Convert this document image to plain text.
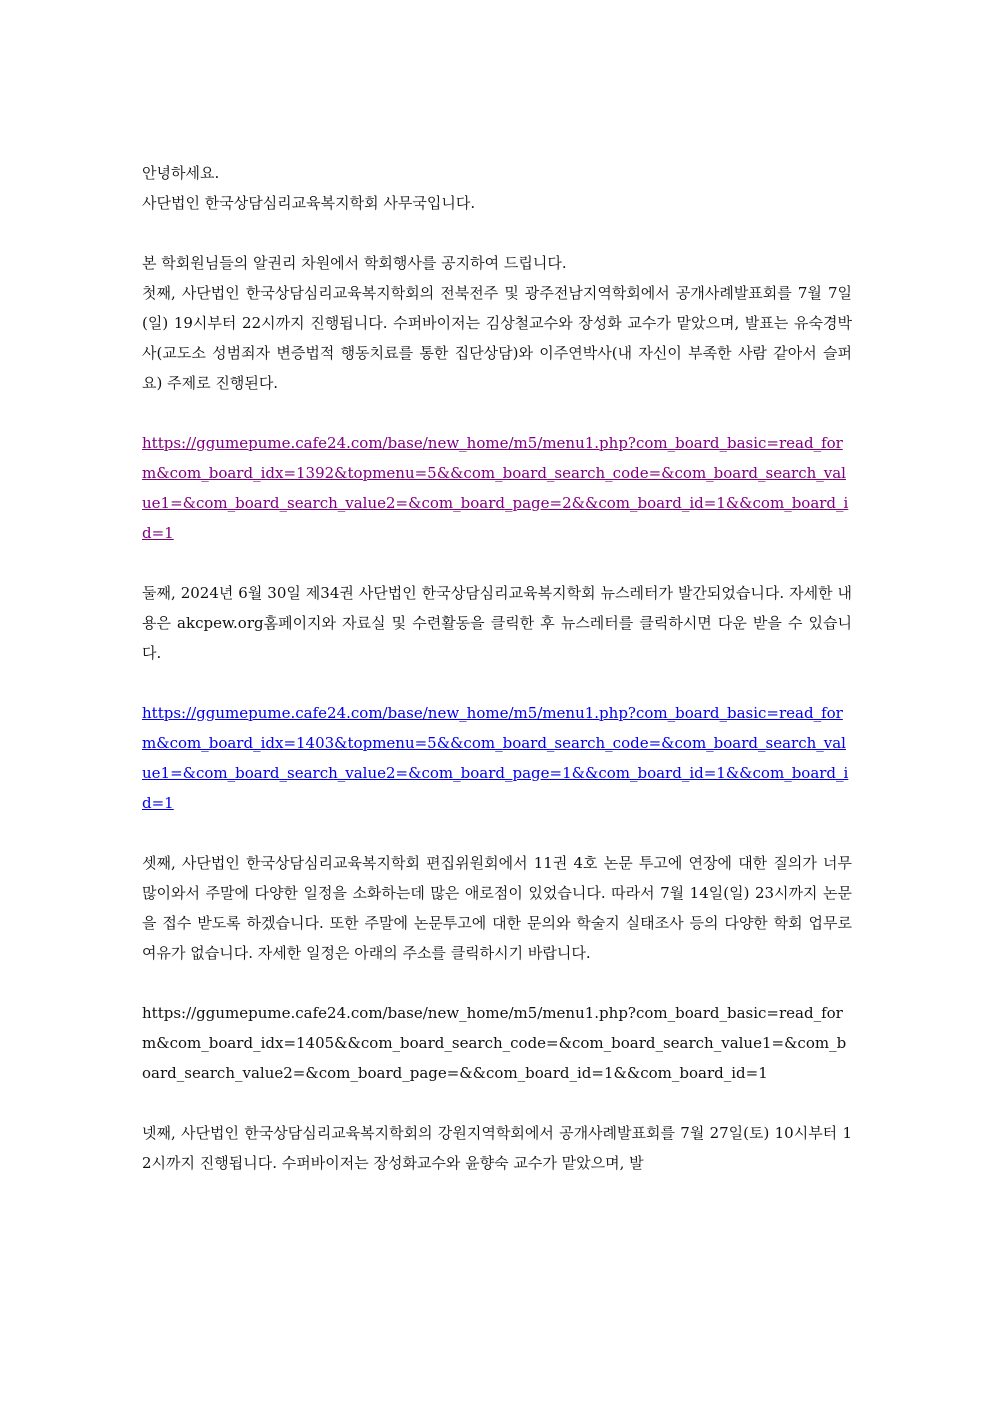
안녕하세요.

사단법인 한국상담심리교육복지학회 사무국입니다.

본 학회원님들의 알권리 차원에서 학회행사를 공지하여 드립니다.

첫째, 사단법인 한국상담심리교육복지학회의 전북전주 및 광주전남지역학회에서 공개사례발표회를 7월 7일(일) 19시부터 22시까지 진행됩니다. 수퍼바이저는 김상철교수와 장성화 교수가 맡았으며, 발표는 유숙경박사(교도소 성범죄자 변증법적 행동치료를 통한 집단상담)와 이주연박사(내 자신이 부족한 사람 같아서 슬퍼요) 주제로 진행된다.

https://ggumepume.cafe24.com/base/new_home/m5/menu1.php?com_board_basic=read_form&com_board_idx=1392&topmenu=5&&com_board_search_code=&com_board_search_value1=&com_board_search_value2=&com_board_page=2&&com_board_id=1&&com_board_id=1

둘째, 2024년 6월 30일 제34권 사단법인 한국상담심리교육복지학회 뉴스레터가 발간되었습니다. 자세한 내용은 akcpew.org홈페이지와 자료실 및 수련활동을 클릭한 후 뉴스레터를 클릭하시면 다운 받을 수 있습니다.

https://ggumepume.cafe24.com/base/new_home/m5/menu1.php?com_board_basic=read_form&com_board_idx=1403&topmenu=5&&com_board_search_code=&com_board_search_value1=&com_board_search_value2=&com_board_page=1&&com_board_id=1&&com_board_id=1

셋째, 사단법인 한국상담심리교육복지학회 편집위원회에서 11권 4호 논문 투고에 연장에 대한 질의가 너무 많이와서 주말에 다양한 일정을 소화하는데 많은 애로점이 있었습니다. 따라서 7월 14일(일) 23시까지 논문을 접수 받도록 하겠습니다. 또한 주말에 논문투고에 대한 문의와 학술지 실태조사 등의 다양한 학회 업무로 여유가 없습니다. 자세한 일정은 아래의 주소를 클릭하시기 바랍니다.

https://ggumepume.cafe24.com/base/new_home/m5/menu1.php?com_board_basic=read_form&com_board_idx=1405&&com_board_search_code=&com_board_search_value1=&com_board_search_value2=&com_board_page=&&com_board_id=1&&com_board_id=1

넷째, 사단법인 한국상담심리교육복지학회의 강원지역학회에서 공개사례발표회를 7월 27일(토) 10시부터 12시까지 진행됩니다. 수퍼바이저는 장성화교수와 윤향숙 교수가 맡았으며, 발
